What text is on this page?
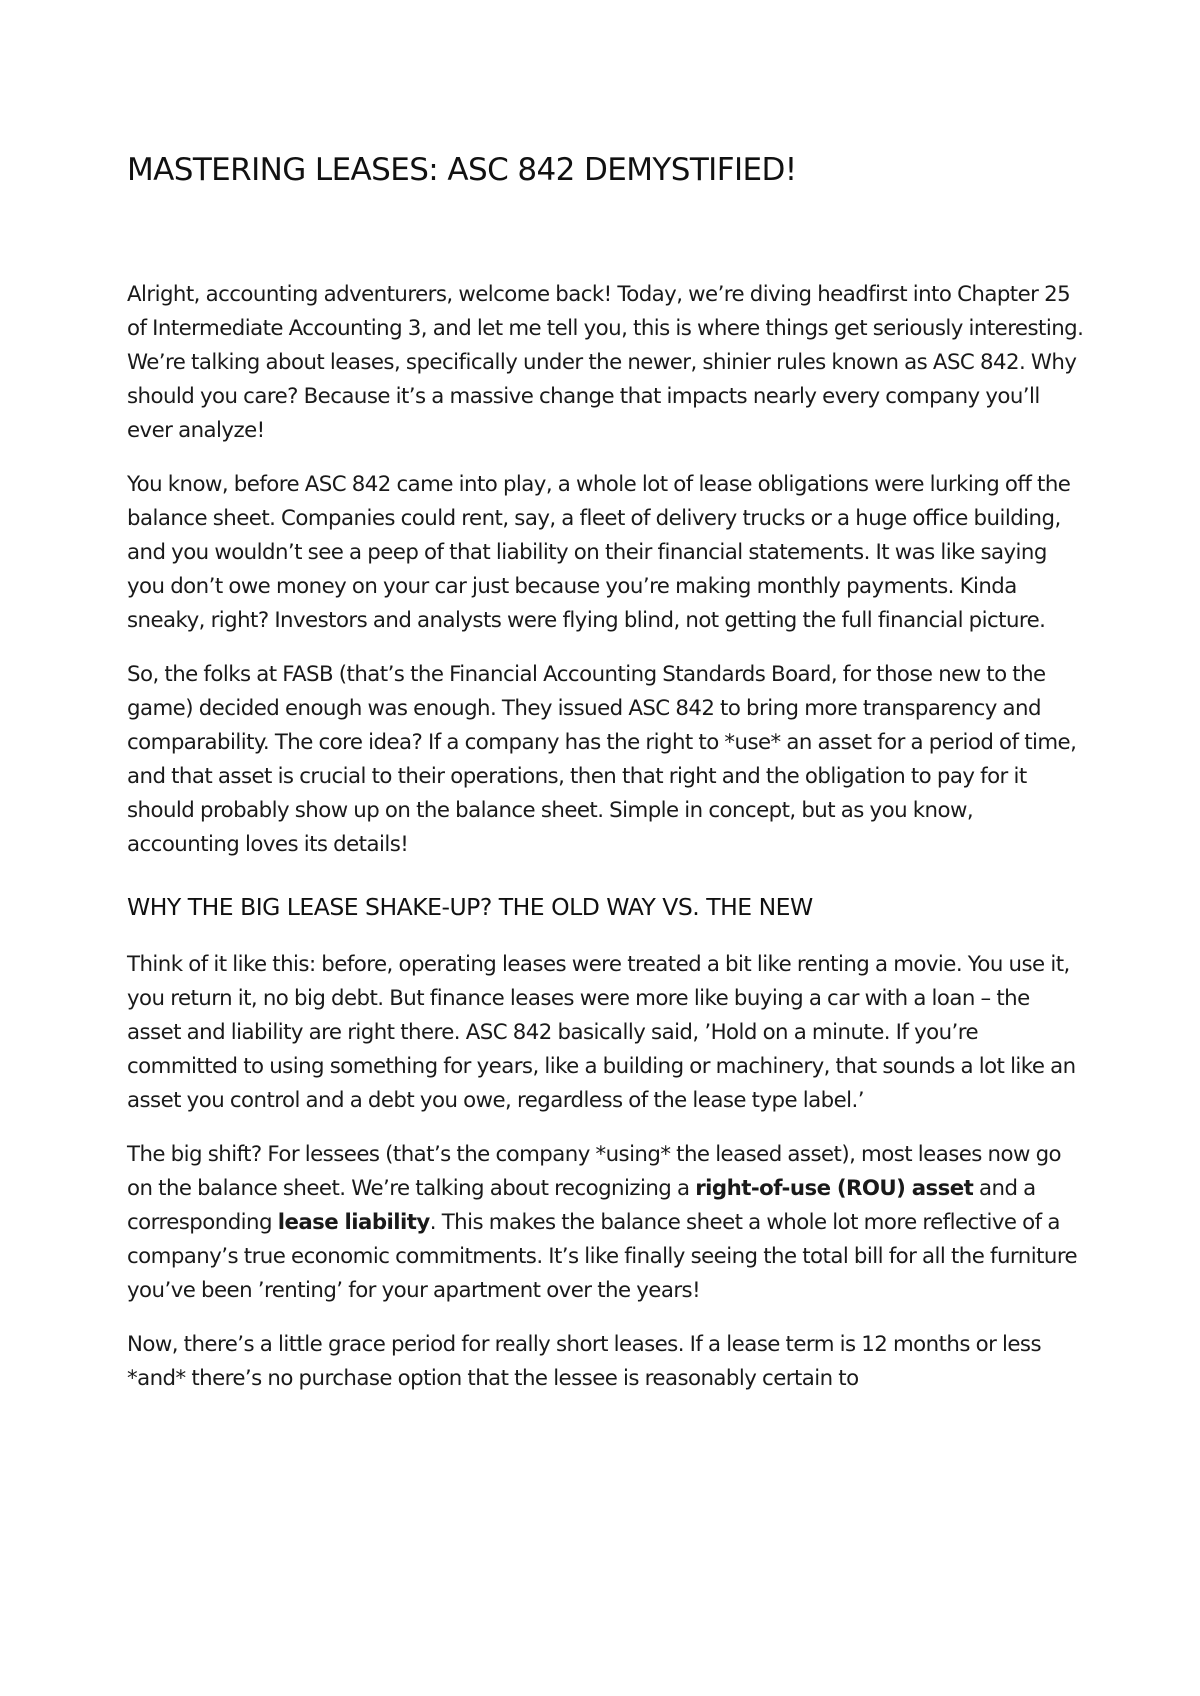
MASTERING LEASES: ASC 842 DEMYSTIFIED!

Alright, accounting adventurers, welcome back! Today, we’re diving headfirst into Chapter 25 of Intermediate Accounting 3, and let me tell you, this is where things get seriously interesting. We’re talking about leases, specifically under the newer, shinier rules known as ASC 842. Why should you care? Because it’s a massive change that impacts nearly every company you’ll ever analyze!

You know, before ASC 842 came into play, a whole lot of lease obligations were lurking off the balance sheet. Companies could rent, say, a fleet of delivery trucks or a huge office building, and you wouldn’t see a peep of that liability on their financial statements. It was like saying you don’t owe money on your car just because you’re making monthly payments. Kinda sneaky, right? Investors and analysts were flying blind, not getting the full financial picture.

So, the folks at FASB (that’s the Financial Accounting Standards Board, for those new to the game) decided enough was enough. They issued ASC 842 to bring more transparency and comparability. The core idea? If a company has the right to *use* an asset for a period of time, and that asset is crucial to their operations, then that right and the obligation to pay for it should probably show up on the balance sheet. Simple in concept, but as you know, accounting loves its details!

WHY THE BIG LEASE SHAKE-UP? THE OLD WAY VS. THE NEW

Think of it like this: before, operating leases were treated a bit like renting a movie. You use it, you return it, no big debt. But finance leases were more like buying a car with a loan – the asset and liability are right there. ASC 842 basically said, ’Hold on a minute. If you’re committed to using something for years, like a building or machinery, that sounds a lot like an asset you control and a debt you owe, regardless of the lease type label.’

The big shift? For lessees (that’s the company *using* the leased asset), most leases now go on the balance sheet. We’re talking about recognizing a right-of-use (ROU) asset and a corresponding lease liability. This makes the balance sheet a whole lot more reflective of a company’s true economic commitments. It’s like finally seeing the total bill for all the furniture you’ve been ’renting’ for your apartment over the years!

Now, there’s a little grace period for really short leases. If a lease term is 12 months or less *and* there’s no purchase option that the lessee is reasonably certain to
